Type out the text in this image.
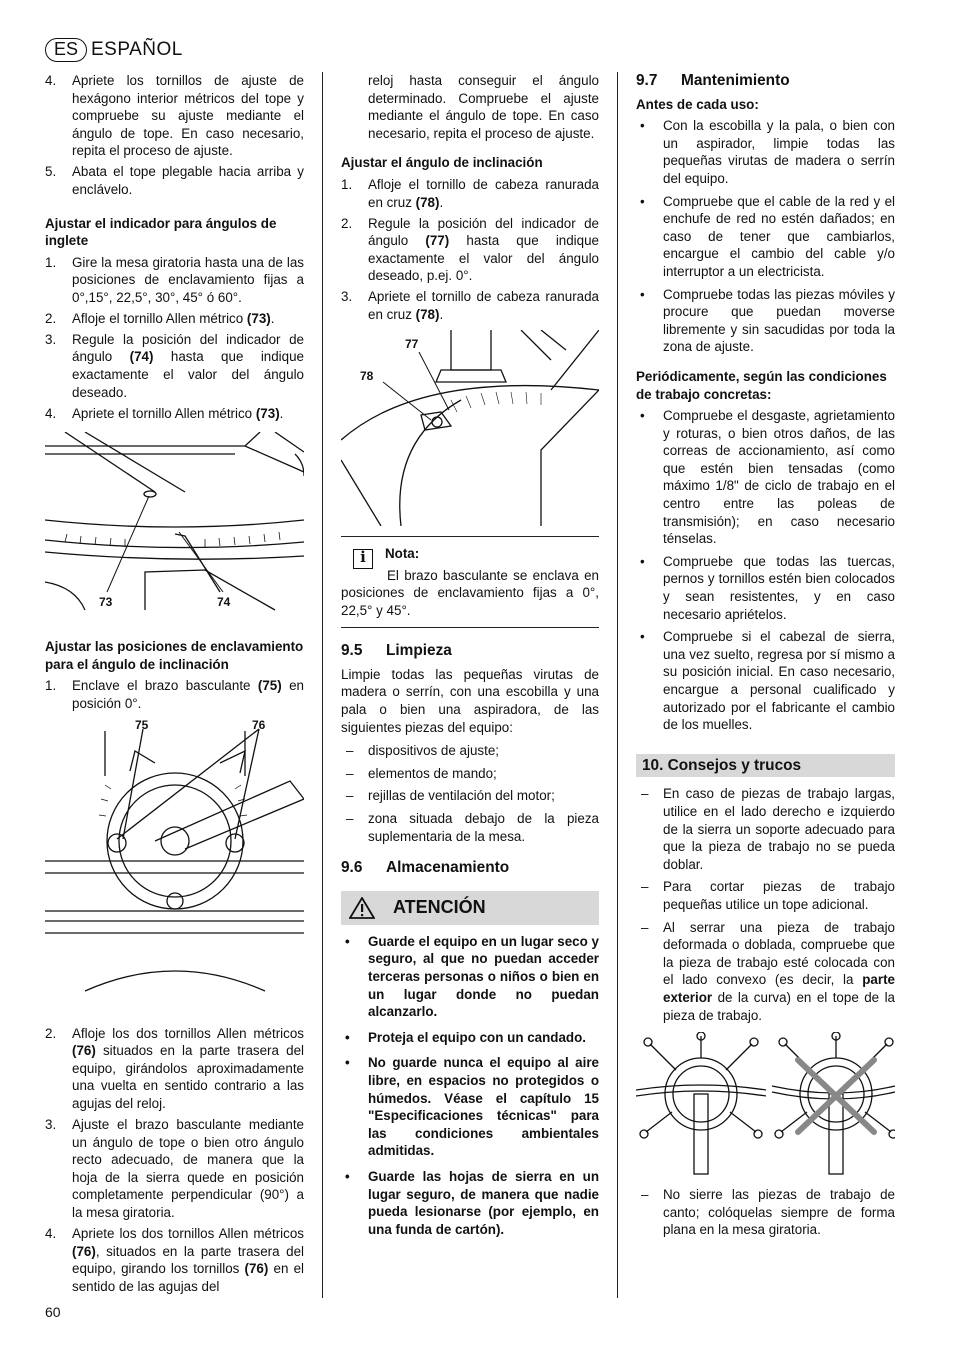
ES ESPAÑOL
4. Apriete los tornillos de ajuste de hexágono interior métricos del tope y compruebe su ajuste mediante el ángulo de tope. En caso necesario, repita el proceso de ajuste.
5. Abata el tope plegable hacia arriba y enclávelo.
Ajustar el indicador para ángulos de inglete
1. Gire la mesa giratoria hasta una de las posiciones de enclavamiento fijas a 0°,15°, 22,5°, 30°, 45° ó 60°.
2. Afloje el tornillo Allen métrico (73).
3. Regule la posición del indicador de ángulo (74) hasta que indique exactamente el valor del ángulo deseado.
4. Apriete el tornillo Allen métrico (73).
73	74
Ajustar las posiciones de enclavamiento para el ángulo de inclinación
1. Enclave el brazo basculante (75) en posición 0°.
75	76
2. Afloje los dos tornillos Allen métricos (76) situados en la parte trasera del equipo, girándolos aproximadamente una vuelta en sentido contrario a las agujas del reloj.
3. Ajuste el brazo basculante mediante un ángulo de tope o bien otro ángulo recto adecuado, de manera que la hoja de la sierra quede en posición completamente perpendicular (90°) a la mesa giratoria.
4. Apriete los dos tornillos Allen métricos (76), situados en la parte trasera del equipo, girando los tornillos (76) en el sentido de las agujas del
reloj hasta conseguir el ángulo determinado. Compruebe el ajuste mediante el ángulo de tope. En caso necesario, repita el proceso de ajuste.
Ajustar el ángulo de inclinación
1. Afloje el tornillo de cabeza ranurada en cruz (78).
2. Regule la posición del indicador de ángulo (77) hasta que indique exactamente el valor del ángulo deseado, p.ej. 0°.
3. Apriete el tornillo de cabeza ranurada en cruz (78).
77
78
i
Nota:
El brazo basculante se enclava en posiciones de enclavamiento fijas a 0°, 22,5° y 45°.
9.5	Limpieza
Limpie todas las pequeñas virutas de madera o serrín, con una escobilla y una pala o bien una aspiradora, de las siguientes piezas del equipo:
– dispositivos de ajuste;
– elementos de mando;
– rejillas de ventilación del motor;
– zona situada debajo de la pieza suplementaria de la mesa.
9.6	Almacenamiento
ATENCIÓN
• Guarde el equipo en un lugar seco y seguro, al que no puedan acceder terceras personas o niños o bien en un lugar donde no puedan alcanzarlo.
• Proteja el equipo con un candado.
• No guarde nunca el equipo al aire libre, en espacios no protegidos o húmedos. Véase el capítulo 15 "Especificaciones técnicas" para las condiciones ambientales admitidas.
• Guarde las hojas de sierra en un lugar seguro, de manera que nadie pueda lesionarse (por ejemplo, en una funda de cartón).
9.7	Mantenimiento
Antes de cada uso:
• Con la escobilla y la pala, o bien con un aspirador, limpie todas las pequeñas virutas de madera o serrín del equipo.
• Compruebe que el cable de la red y el enchufe de red no estén dañados; en caso de tener que cambiarlos, encargue el cambio del cable y/o interruptor a un electricista.
• Compruebe todas las piezas móviles y procure que puedan moverse libremente y sin sacudidas por toda la zona de ajuste.
Periódicamente, según las condiciones de trabajo concretas:
• Compruebe el desgaste, agrietamiento y roturas, o bien otros daños, de las correas de accionamiento, así como que estén bien tensadas (como máximo 1/8" de ciclo de trabajo en el centro entre las poleas de transmisión); en caso necesario ténselas.
• Compruebe que todas las tuercas, pernos y tornillos estén bien colocados y sean resistentes, y en caso necesario apriételos.
• Compruebe si el cabezal de sierra, una vez suelto, regresa por sí mismo a su posición inicial. En caso necesario, encargue a personal cualificado y autorizado por el fabricante el cambio de los muelles.
10. Consejos y trucos
– En caso de piezas de trabajo largas, utilice en el lado derecho e izquierdo de la sierra un soporte adecuado para que la pieza de trabajo no se pueda doblar.
– Para cortar piezas de trabajo pequeñas utilice un tope adicional.
– Al serrar una pieza de trabajo deformada o doblada, compruebe que la pieza de trabajo esté colocada con el lado convexo (es decir, la parte exterior de la curva) en el tope de la pieza de trabajo.
– No sierre las piezas de trabajo de canto; colóquelas siempre de forma plana en la mesa giratoria.
60
